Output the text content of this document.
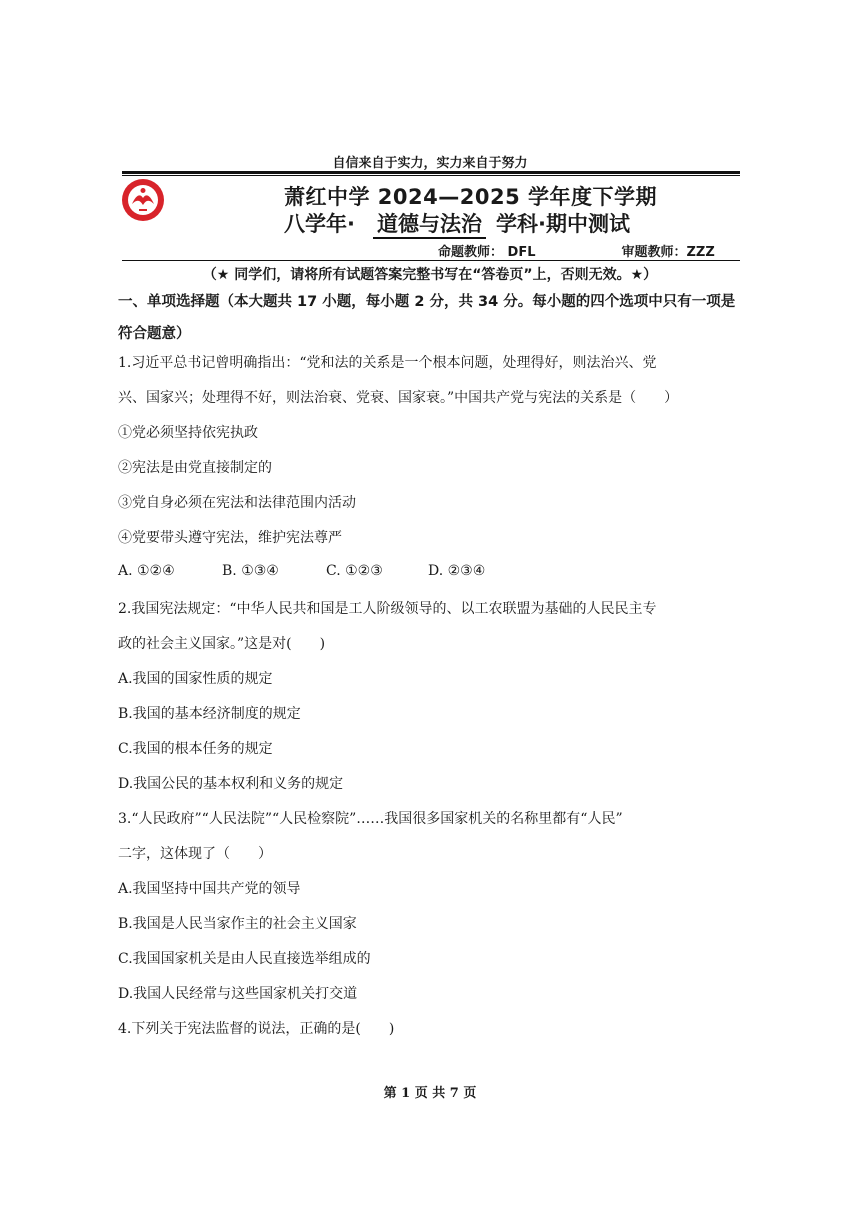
自信来自于实力，实力来自于努力
萧红中学 2024—2025 学年度下学期
八学年· 道德与法治 学科·期中测试
命题教师： DFL	审题教师：ZZZ
（★ 同学们，请将所有试题答案完整书写在“答卷页”上，否则无效。★）
一、单项选择题（本大题共 17 小题，每小题 2 分，共 34 分。每小题的四个选项中只有一项是符合题意）
1.习近平总书记曾明确指出：“党和法的关系是一个根本问题，处理得好，则法治兴、党
兴、国家兴；处理得不好，则法治衰、党衰、国家衰。”中国共产党与宪法的关系是（　　）
①党必须坚持依宪执政
②宪法是由党直接制定的
③党自身必须在宪法和法律范围内活动
④党要带头遵守宪法，维护宪法尊严
A. ①②④	B. ①③④	C. ①②③	D. ②③④
2.我国宪法规定：“中华人民共和国是工人阶级领导的、以工农联盟为基础的人民民主专
政的社会主义国家。”这是对(　　)
A.我国的国家性质的规定
B.我国的基本经济制度的规定
C.我国的根本任务的规定
D.我国公民的基本权利和义务的规定
3.“人民政府”“人民法院”“人民检察院”……我国很多国家机关的名称里都有“人民”
二字，这体现了（　　）
A.我国坚持中国共产党的领导
B.我国是人民当家作主的社会主义国家
C.我国国家机关是由人民直接选举组成的
D.我国人民经常与这些国家机关打交道
4.下列关于宪法监督的说法，正确的是(　　)
第 1 页 共 7 页
